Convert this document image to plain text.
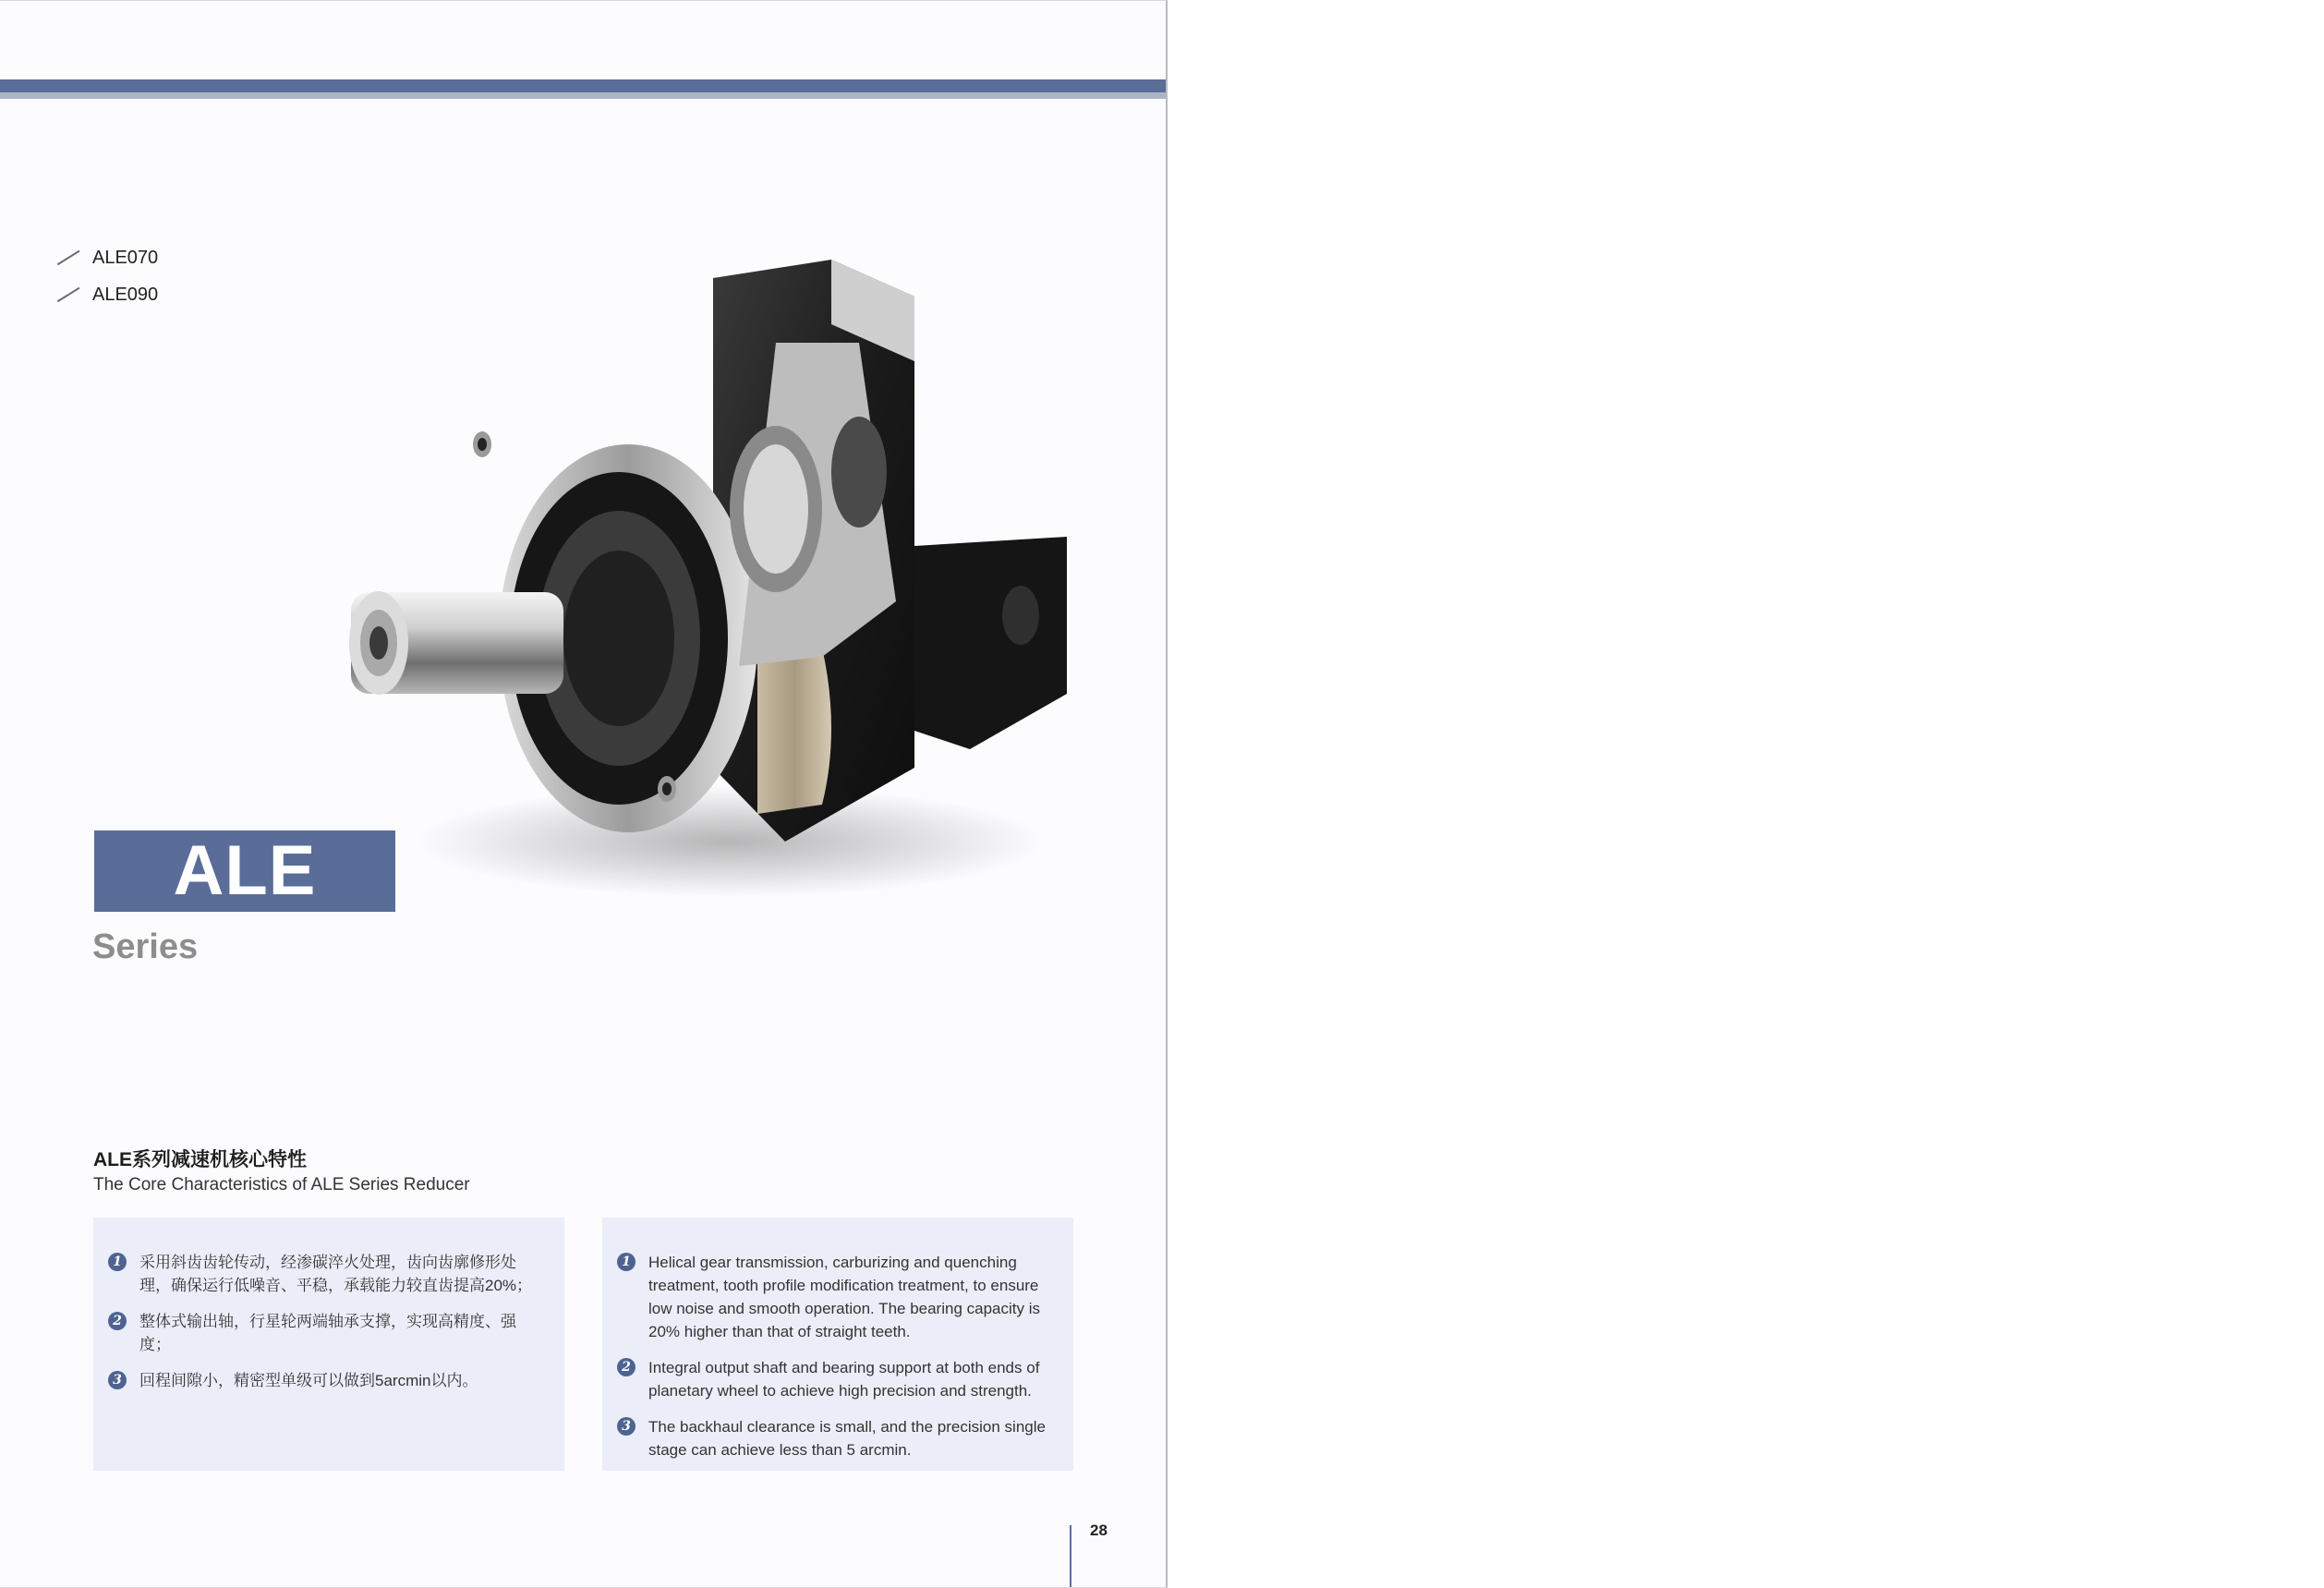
ALE070
ALE090
ALE
Series
ALE系列减速机核心特性
The Core Characteristics of ALE Series Reducer
1	采用斜齿齿轮传动，经渗碳淬火处理，齿向齿廓修形处理，确保运行低噪音、平稳，承载能力较直齿提高20%；
2	整体式输出轴，行星轮两端轴承支撑，实现高精度、强度；
3	回程间隙小，精密型单级可以做到5arcmin以内。
1	Helical gear transmission, carburizing and quenching treatment, tooth profile modification treatment, to ensure low noise and smooth operation. The bearing capacity is 20% higher than that of straight teeth.
2	Integral output shaft and bearing support at both ends of planetary wheel to achieve high precision and strength.
3	The backhaul clearance is small, and the precision single stage can achieve less than 5 arcmin.
28
